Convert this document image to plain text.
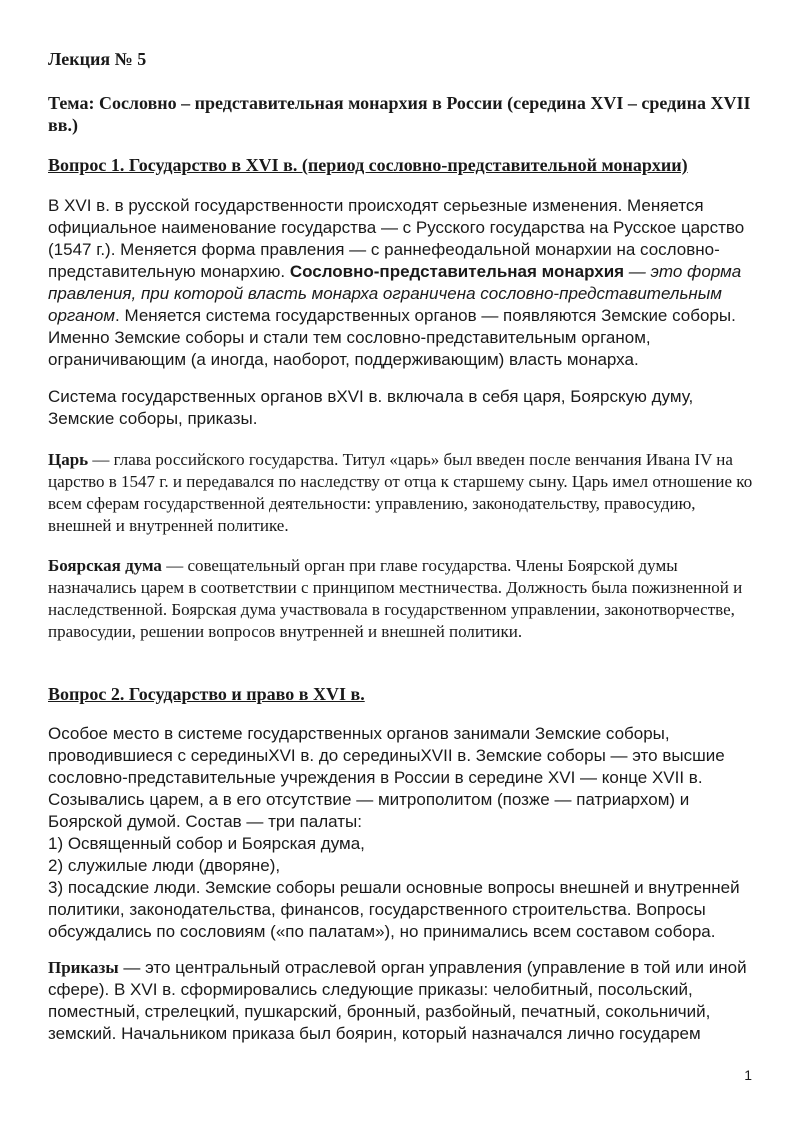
Лекция № 5
Тема: Сословно – представительная монархия в России (середина XVI – средина XVII вв.)
Вопрос 1. Государство в XVI в. (период сословно-представительной монархии)
В XVI в. в русской государственности происходят серьезные изменения. Меняется официальное наименование государства — с Русского государства на Русское царство (1547 г.). Меняется форма правления — с раннефеодальной монархии на сословно-представительную монархию. Сословно-представительная монархия — это форма правления, при которой власть монарха ограничена сословно-представительным органом. Меняется система государственных органов — появляются Земские соборы. Именно Земские соборы и стали тем сословно-представительным органом, ограничивающим (а иногда, наоборот, поддерживающим) власть монарха.
Система государственных органов вXVI в. включала в себя царя, Боярскую думу, Земские соборы, приказы.
Царь — глава российского государства. Титул «царь» был введен после венчания Ивана IV на царство в 1547 г. и передавался по наследству от отца к старшему сыну. Царь имел отношение ко всем сферам государственной деятельности: управлению, законодательству, правосудию, внешней и внутренней политике.
Боярская дума — совещательный орган при главе государства. Члены Боярской думы назначались царем в соответствии с принципом местничества. Должность была пожизненной и наследственной. Боярская дума участвовала в государственном управлении, законотворчестве, правосудии, решении вопросов внутренней и внешней политики.
Вопрос 2. Государство и право в XVI в.
Особое место в системе государственных органов занимали Земские соборы, проводившиеся с серединыXVI в. до серединыXVII в. Земские соборы — это высшие сословно-представительные учреждения в России в середине XVI — конце XVII в. Созывались царем, а в его отсутствие — митрополитом (позже — патриархом) и Боярской думой. Состав — три палаты:
1) Освященный собор и Боярская дума,
2) служилые люди (дворяне),
3) посадские люди. Земские соборы решали основные вопросы внешней и внутренней политики, законодательства, финансов, государственного строительства. Вопросы обсуждались по сословиям («по палатам»), но принимались всем составом собора.
Приказы — это центральный отраслевой орган управления (управление в той или иной сфере). В XVI в. сформировались следующие приказы: челобитный, посольский, поместный, стрелецкий, пушкарский, бронный, разбойный, печатный, сокольничий, земский. Начальником приказа был боярин, который назначался лично государем
1
